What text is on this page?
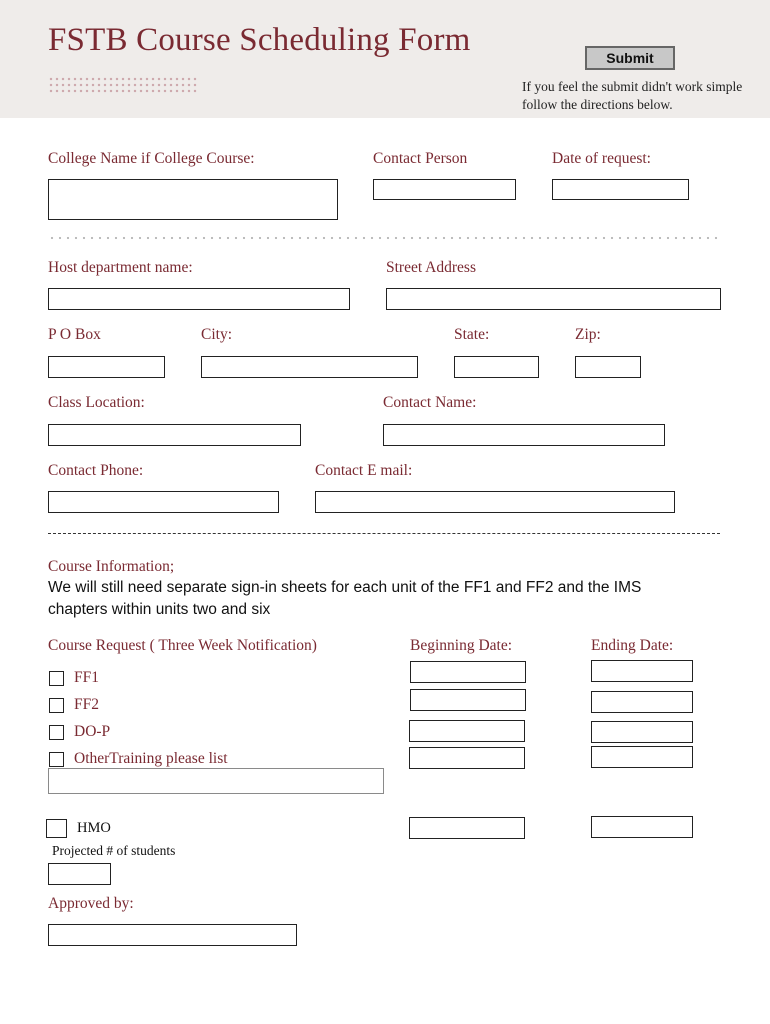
FSTB Course Scheduling Form	Submit
If you feel the submit didn't work simple follow the directions below.
College Name if College Course:	Contact Person	Date of request:
Host department name:	Street Address
P O Box	City:	State:	Zip:
Class Location:	Contact Name:
Contact Phone:	Contact E mail:
Course Information;
We will still need separate sign-in sheets for each unit of the FF1 and FF2 and the IMS chapters within units two and six
Course Request ( Three Week Notification)	Beginning Date:	Ending Date:
FF1
FF2
DO-P
OtherTraining please list
HMO
Projected # of students
Approved by:
